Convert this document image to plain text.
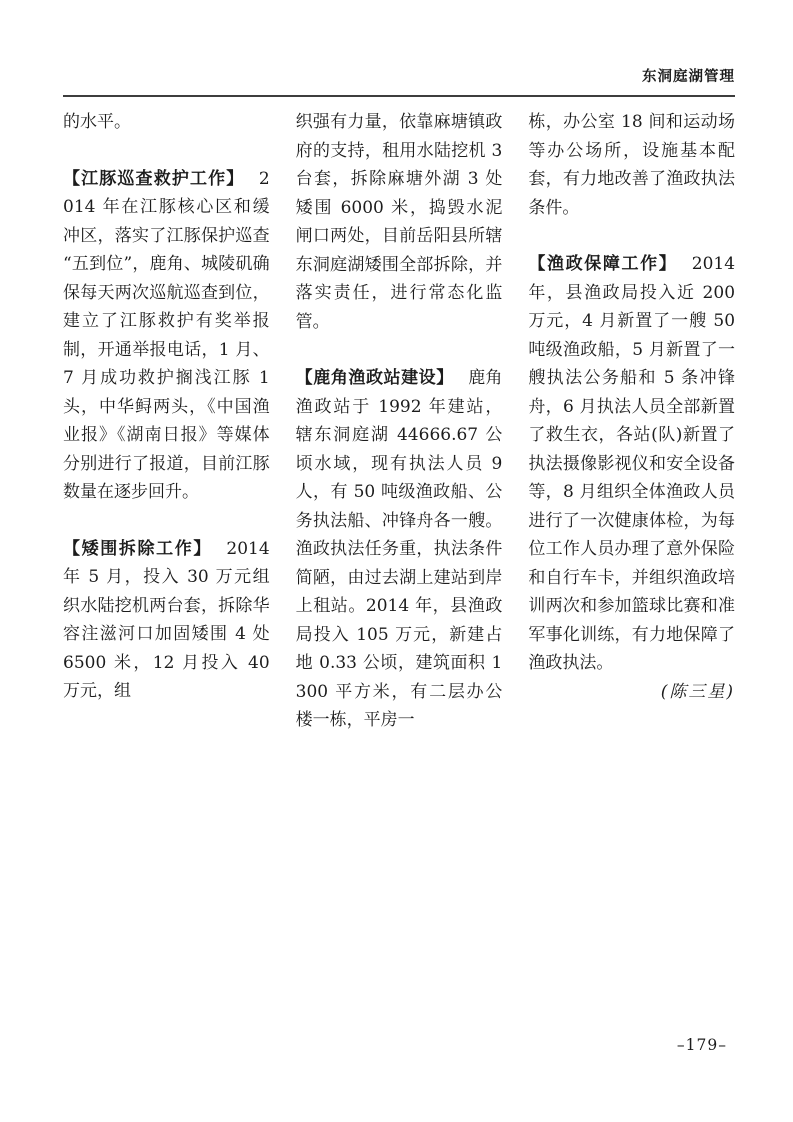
东洞庭湖管理

的水平。

【江豚巡查救护工作】 2014 年在江豚核心区和缓冲区，落实了江豚保护巡查“五到位”，鹿角、城陵矶确保每天两次巡航巡查到位，建立了江豚救护有奖举报制，开通举报电话，1 月、7 月成功救护搁浅江豚 1 头，中华鲟两头，《中国渔业报》《湖南日报》等媒体分别进行了报道，目前江豚数量在逐步回升。

【矮围拆除工作】 2014 年 5 月，投入 30 万元组织水陆挖机两台套，拆除华容注滋河口加固矮围 4 处 6500 米，12 月投入 40 万元，组

织强有力量，依靠麻塘镇政府的支持，租用水陆挖机 3 台套，拆除麻塘外湖 3 处矮围 6000 米，捣毁水泥闸口两处，目前岳阳县所辖东洞庭湖矮围全部拆除，并落实责任，进行常态化监管。

【鹿角渔政站建设】 鹿角渔政站于 1992 年建站，辖东洞庭湖 44666.67 公顷水域，现有执法人员 9 人，有 50 吨级渔政船、公务执法船、冲锋舟各一艘。渔政执法任务重，执法条件简陋，由过去湖上建站到岸上租站。2014 年，县渔政局投入 105 万元，新建占地 0.33 公顷，建筑面积 1300 平方米，有二层办公楼一栋，平房一

栋，办公室 18 间和运动场等办公场所，设施基本配套，有力地改善了渔政执法条件。

【渔政保障工作】 2014 年，县渔政局投入近 200 万元，4 月新置了一艘 50 吨级渔政船，5 月新置了一艘执法公务船和 5 条冲锋舟，6 月执法人员全部新置了救生衣，各站(队)新置了执法摄像影视仪和安全设备等，8 月组织全体渔政人员进行了一次健康体检，为每位工作人员办理了意外保险和自行车卡，并组织渔政培训两次和参加篮球比赛和准军事化训练，有力地保障了渔政执法。

(陈三星)

–179–
